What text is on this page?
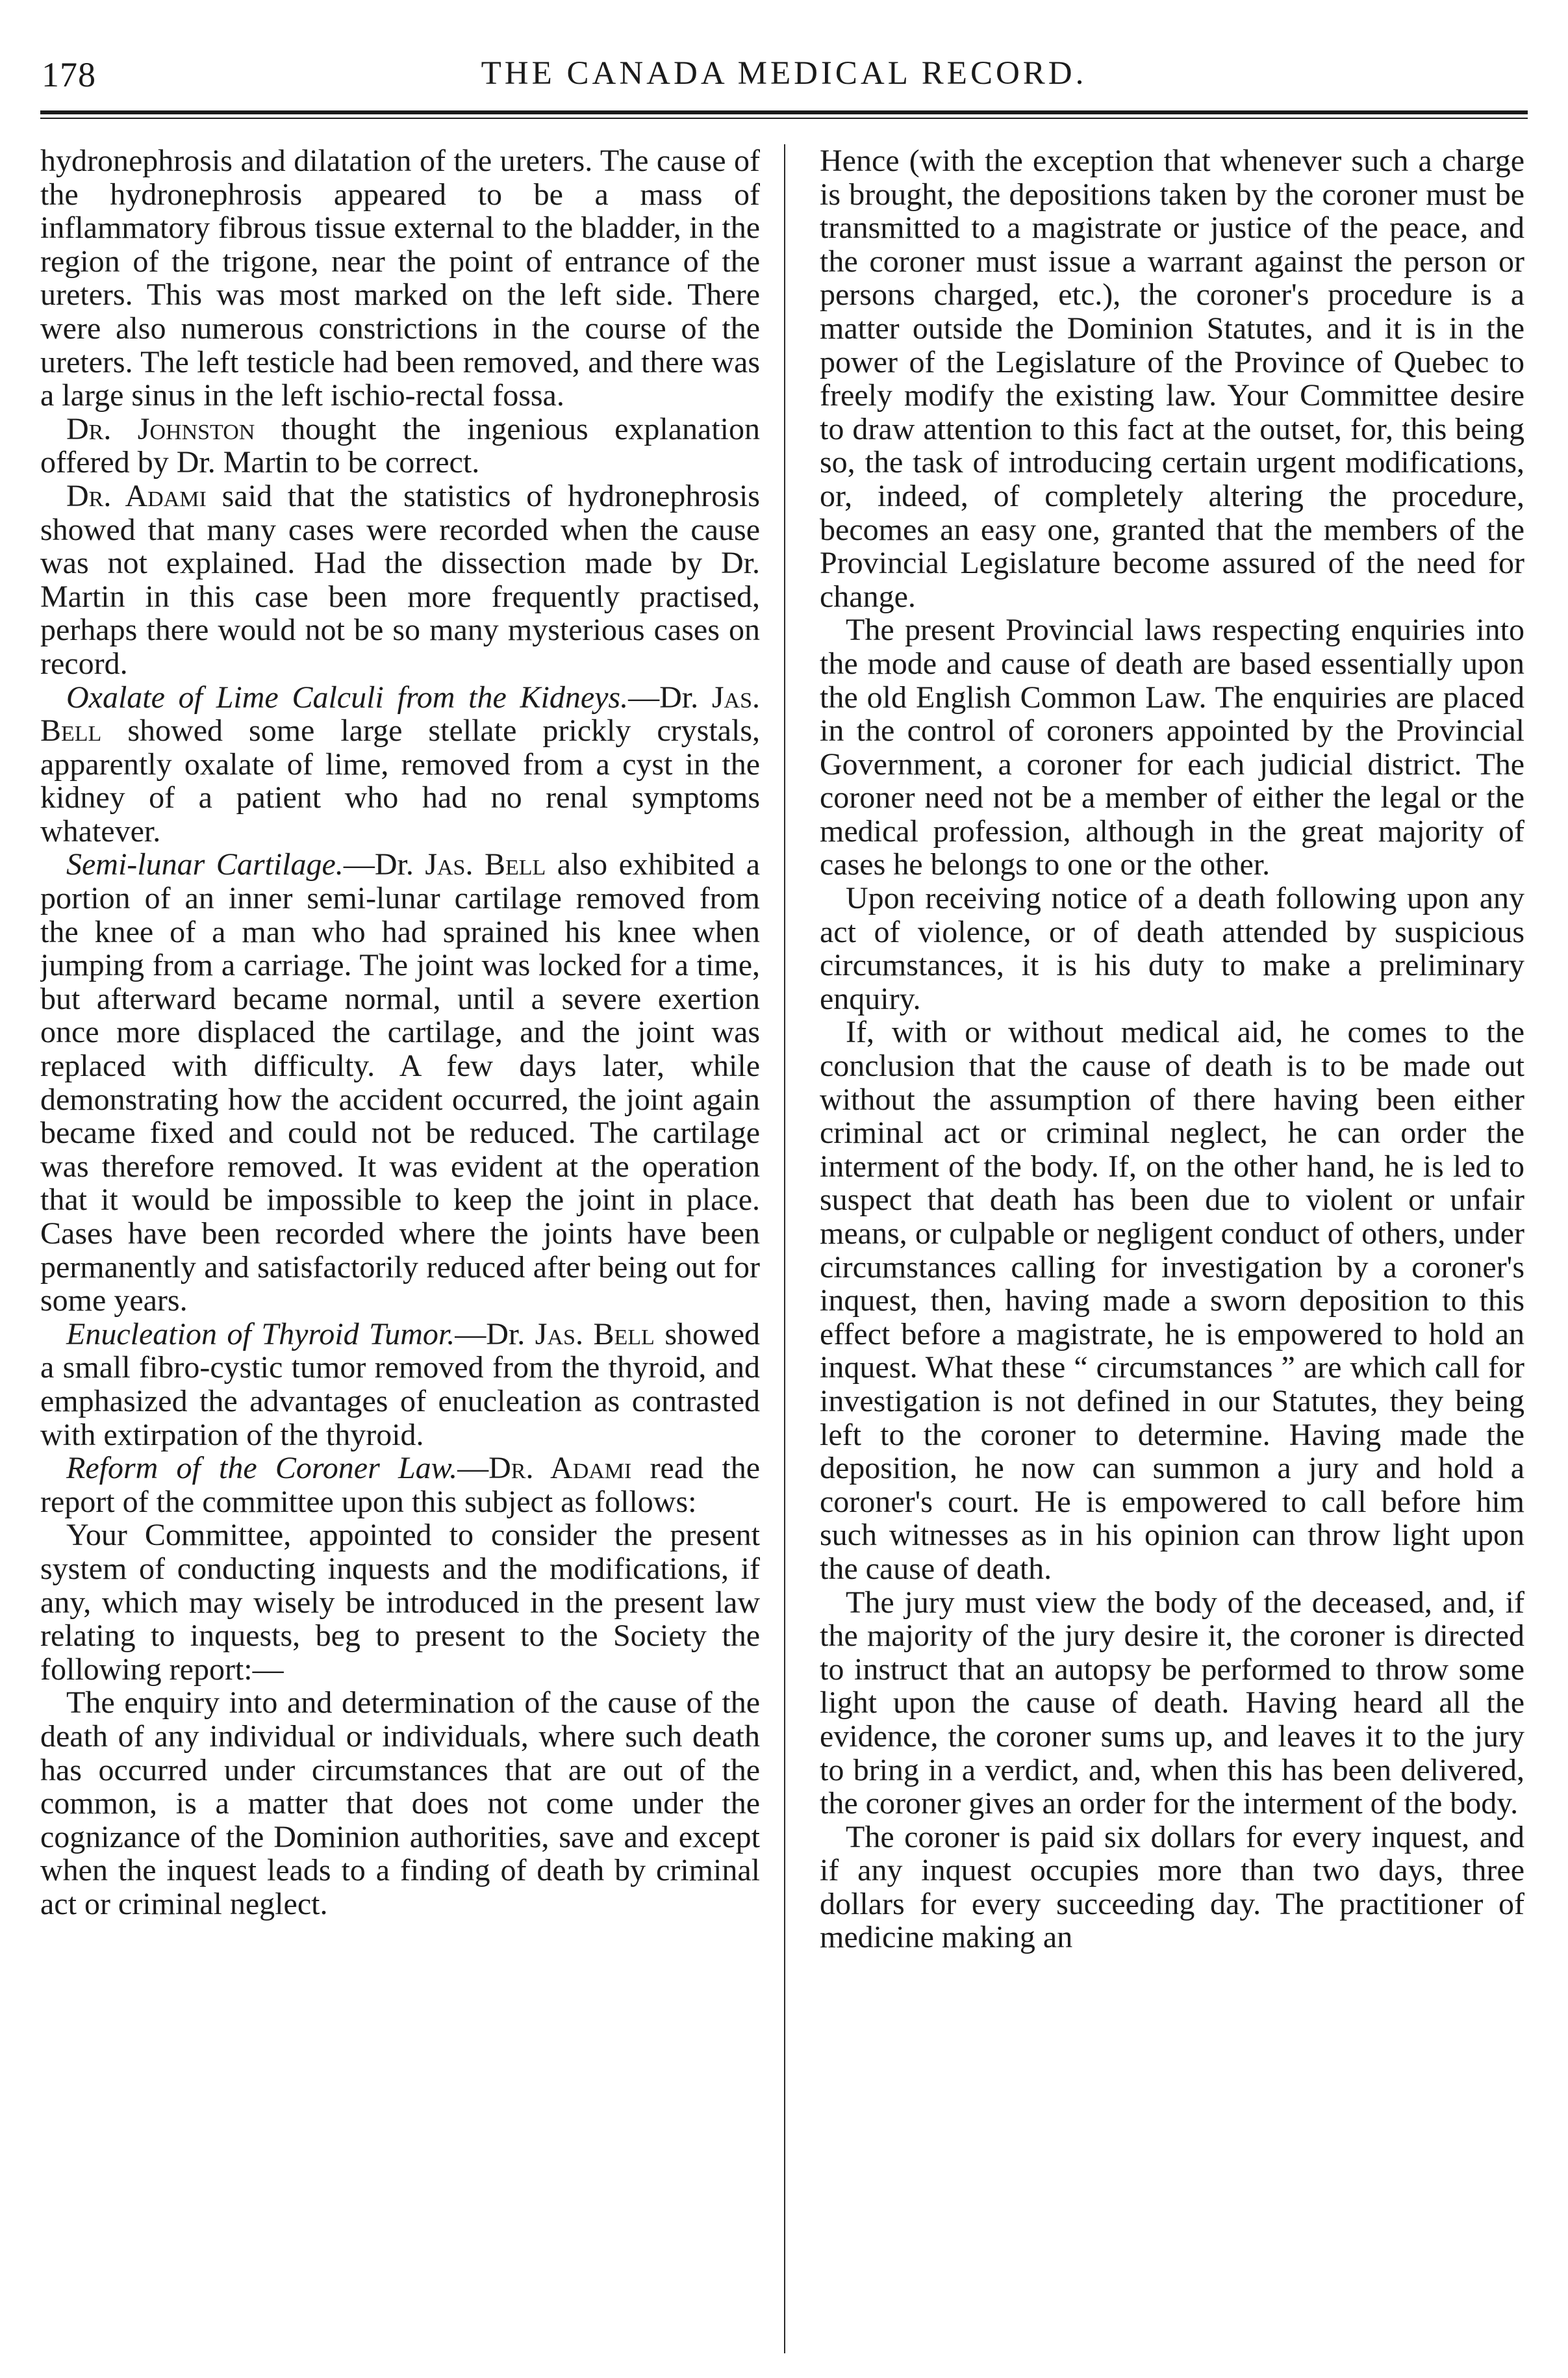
178	THE CANADA MEDICAL RECORD.

hydronephrosis and dilatation of the ureters. The cause of the hydronephrosis appeared to be a mass of inflammatory fibrous tissue external to the bladder, in the region of the trigone, near the point of entrance of the ureters. This was most marked on the left side. There were also numerous constrictions in the course of the ureters. The left testicle had been removed, and there was a large sinus in the left ischio-rectal fossa.

Dr. Johnston thought the ingenious explanation offered by Dr. Martin to be correct.

Dr. Adami said that the statistics of hydronephrosis showed that many cases were recorded when the cause was not explained. Had the dissection made by Dr. Martin in this case been more frequently practised, perhaps there would not be so many mysterious cases on record.

Oxalate of Lime Calculi from the Kidneys.—Dr. Jas. Bell showed some large stellate prickly crystals, apparently oxalate of lime, removed from a cyst in the kidney of a patient who had no renal symptoms whatever.

Semi-lunar Cartilage.—Dr. Jas. Bell also exhibited a portion of an inner semi-lunar cartilage removed from the knee of a man who had sprained his knee when jumping from a carriage. The joint was locked for a time, but afterward became normal, until a severe exertion once more displaced the cartilage, and the joint was replaced with difficulty. A few days later, while demonstrating how the accident occurred, the joint again became fixed and could not be reduced. The cartilage was therefore removed. It was evident at the operation that it would be impossible to keep the joint in place. Cases have been recorded where the joints have been permanently and satisfactorily reduced after being out for some years.

Enucleation of Thyroid Tumor.—Dr. Jas. Bell showed a small fibro-cystic tumor removed from the thyroid, and emphasized the advantages of enucleation as contrasted with extirpation of the thyroid.

Reform of the Coroner Law.—Dr. Adami read the report of the committee upon this subject as follows:

Your Committee, appointed to consider the present system of conducting inquests and the modifications, if any, which may wisely be introduced in the present law relating to inquests, beg to present to the Society the following report:—

The enquiry into and determination of the cause of the death of any individual or individuals, where such death has occurred under circumstances that are out of the common, is a matter that does not come under the cognizance of the Dominion authorities, save and except when the inquest leads to a finding of death by criminal act or criminal neglect.

Hence (with the exception that whenever such a charge is brought, the depositions taken by the coroner must be transmitted to a magistrate or justice of the peace, and the coroner must issue a warrant against the person or persons charged, etc.), the coroner's procedure is a matter outside the Dominion Statutes, and it is in the power of the Legislature of the Province of Quebec to freely modify the existing law. Your Committee desire to draw attention to this fact at the outset, for, this being so, the task of introducing certain urgent modifications, or, indeed, of completely altering the procedure, becomes an easy one, granted that the members of the Provincial Legislature become assured of the need for change.

The present Provincial laws respecting enquiries into the mode and cause of death are based essentially upon the old English Common Law. The enquiries are placed in the control of coroners appointed by the Provincial Government, a coroner for each judicial district. The coroner need not be a member of either the legal or the medical profession, although in the great majority of cases he belongs to one or the other.

Upon receiving notice of a death following upon any act of violence, or of death attended by suspicious circumstances, it is his duty to make a preliminary enquiry.

If, with or without medical aid, he comes to the conclusion that the cause of death is to be made out without the assumption of there having been either criminal act or criminal neglect, he can order the interment of the body. If, on the other hand, he is led to suspect that death has been due to violent or unfair means, or culpable or negligent conduct of others, under circumstances calling for investigation by a coroner's inquest, then, having made a sworn deposition to this effect before a magistrate, he is empowered to hold an inquest. What these “ circumstances ” are which call for investigation is not defined in our Statutes, they being left to the coroner to determine. Having made the deposition, he now can summon a jury and hold a coroner's court. He is empowered to call before him such witnesses as in his opinion can throw light upon the cause of death.

The jury must view the body of the deceased, and, if the majority of the jury desire it, the coroner is directed to instruct that an autopsy be performed to throw some light upon the cause of death. Having heard all the evidence, the coroner sums up, and leaves it to the jury to bring in a verdict, and, when this has been delivered, the coroner gives an order for the interment of the body.

The coroner is paid six dollars for every inquest, and if any inquest occupies more than two days, three dollars for every succeeding day. The practitioner of medicine making an
